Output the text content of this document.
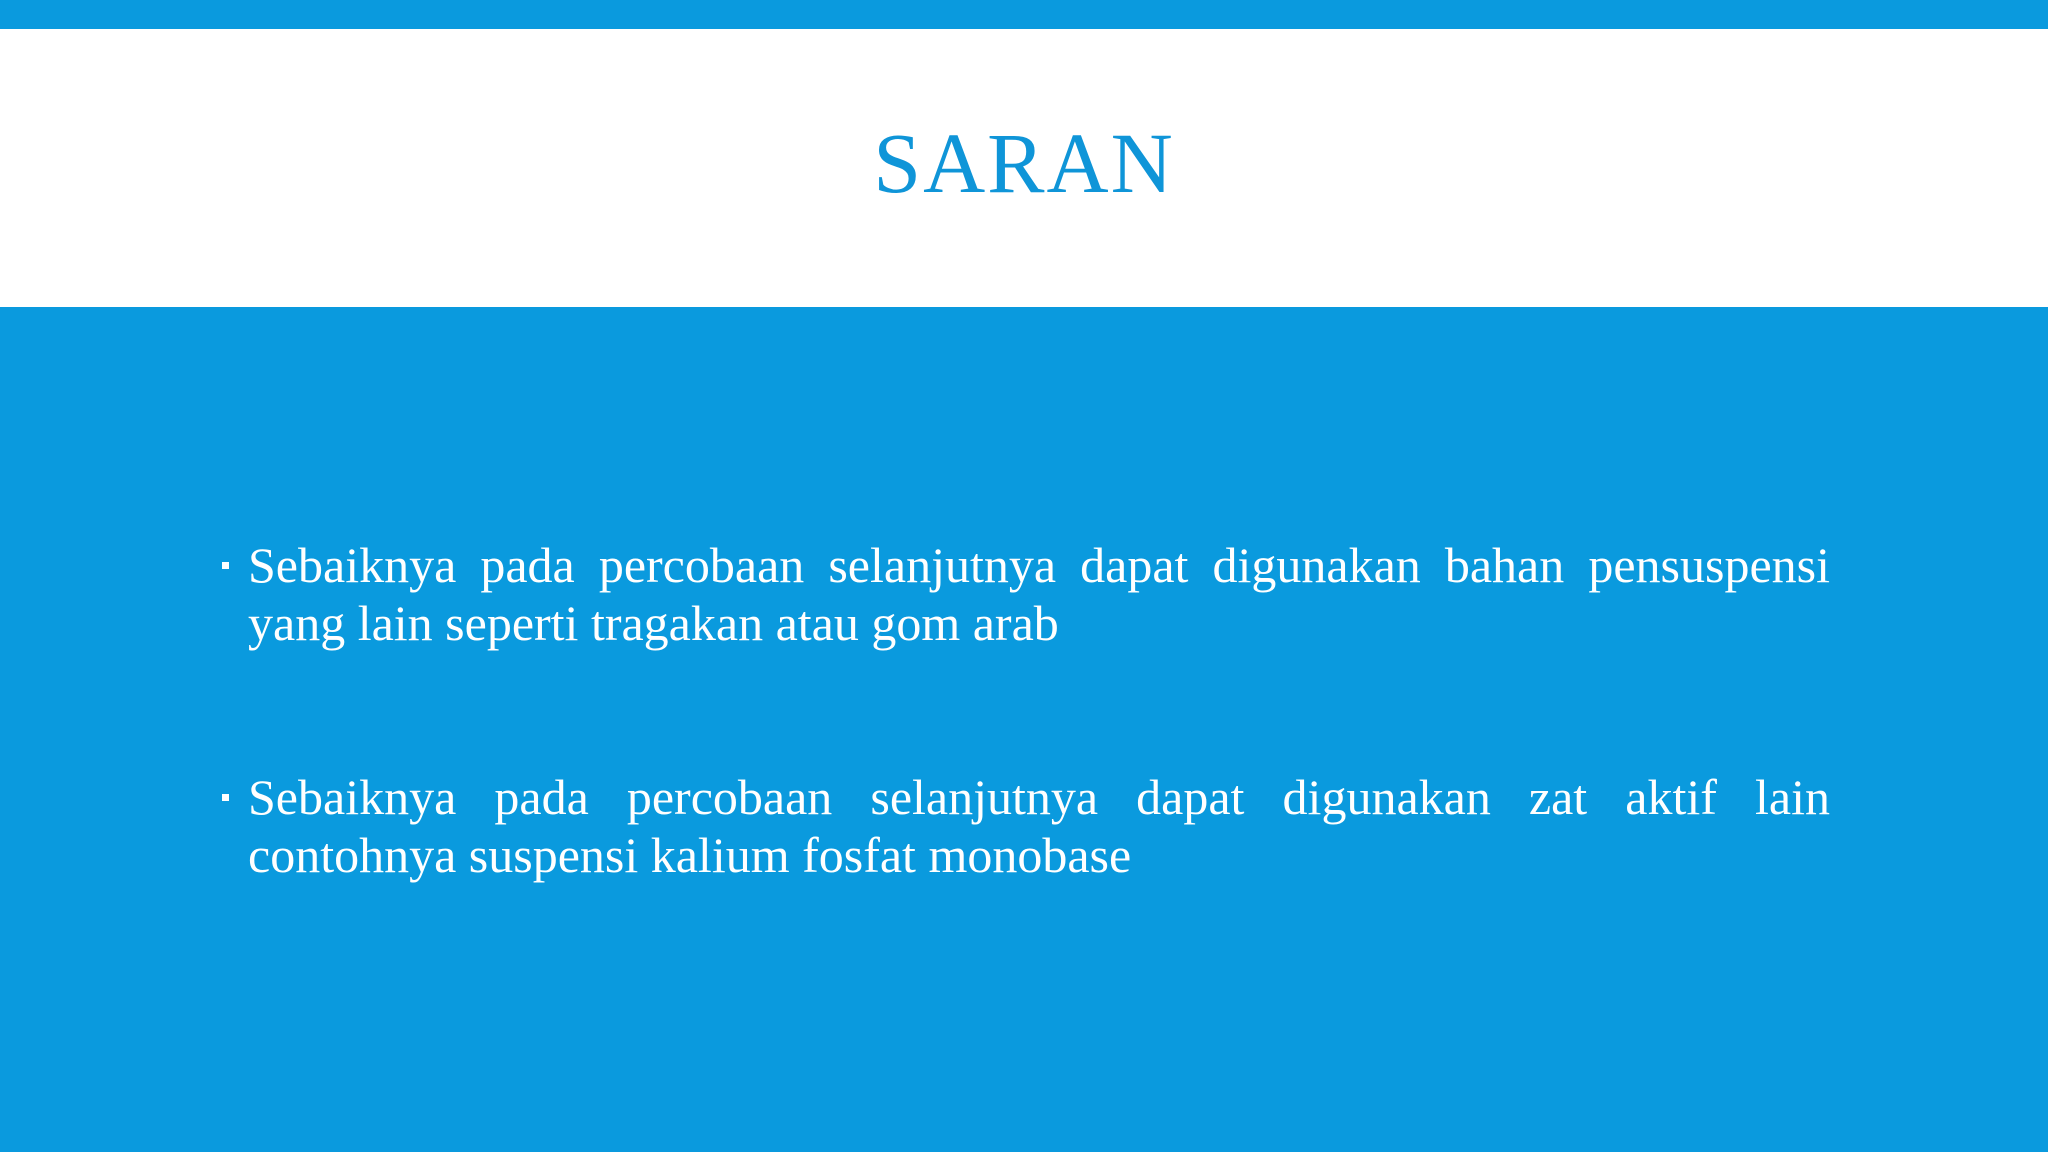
SARAN
Sebaiknya pada percobaan selanjutnya dapat digunakan bahan pensuspensi yang lain seperti tragakan atau gom arab
Sebaiknya pada percobaan selanjutnya dapat digunakan zat aktif lain contohnya suspensi kalium fosfat monobase
